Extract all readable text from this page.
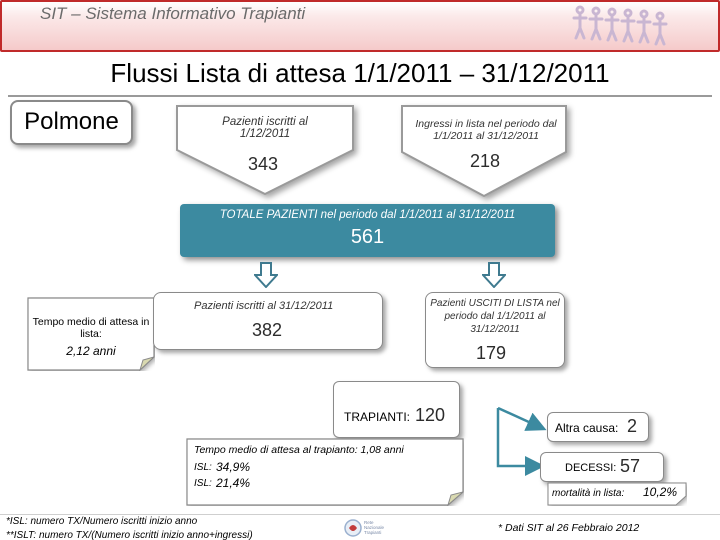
SIT – Sistema Informativo Trapianti
Flussi Lista di attesa 1/1/2011 – 31/12/2011
Polmone	Pazienti iscritti al 1/12/2011
343
Ingressi in lista nel periodo dal 1/1/2011 al 31/12/2011
218
TOTALE PAZIENTI nel periodo dal 1/1/2011 al 31/12/2011
561
Tempo medio di attesa in lista:
2,12 anni
Pazienti iscritti al 31/12/2011
382
Pazienti USCITI DI LISTA nel periodo dal 1/1/2011 al 31/12/2011
179
TRAPIANTI: 120
Tempo medio di attesa al trapianto: 1,08 anni
ISL: 34,9%
ISL: 21,4%
Altra causa: 2
DECESSI: 57
mortalità in lista: 10,2%
*ISL: numero TX/Numero iscritti inizio anno
**ISLT: numero TX/(Numero iscritti inizio anno+ingressi)
Rete Nazionale Trapianti	* Dati SIT al 26 Febbraio 2012
